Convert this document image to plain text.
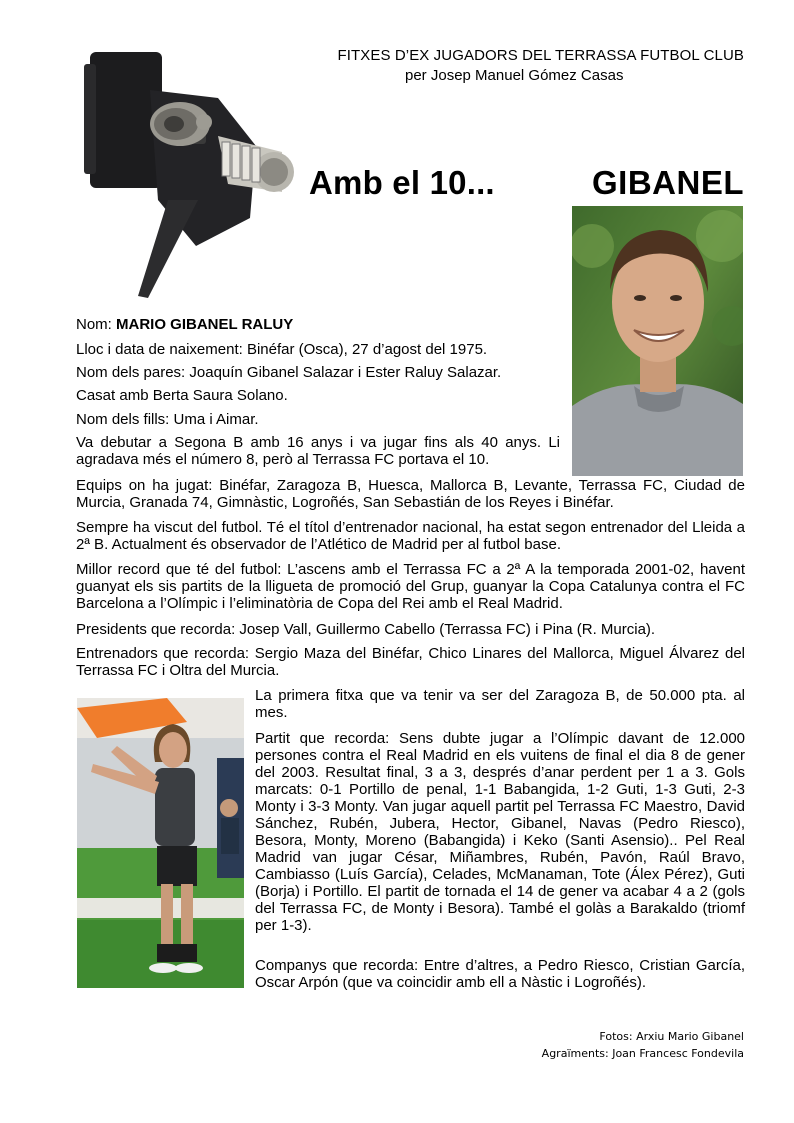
FITXES D’EX JUGADORS DEL TERRASSA FUTBOL CLUB
per Josep Manuel Gómez Casas
Amb el 10...	GIBANEL

Nom: MARIO GIBANEL RALUY

Lloc i data de naixement: Binéfar (Osca), 27 d’agost del 1975.

Nom dels pares: Joaquín Gibanel Salazar i Ester Raluy Salazar.

Casat amb Berta Saura Solano.

Nom dels fills: Uma i Aimar.

Va debutar a Segona B amb 16 anys i va jugar fins als 40 anys. Li agradava més el número 8, però al Terrassa FC portava el 10.

Equips on ha jugat: Binéfar, Zaragoza B, Huesca, Mallorca B, Levante, Terrassa FC, Ciudad de Murcia, Granada 74, Gimnàstic, Logroñés, San Sebastián de los Reyes i Binéfar.

Sempre ha viscut del futbol. Té el títol d’entrenador nacional, ha estat segon entrenador del Lleida a 2ª B. Actualment és observador de l’Atlético de Madrid per al futbol base.

Millor record que té del futbol: L’ascens amb el Terrassa FC a 2ª A la temporada 2001-02, havent guanyat els sis partits de la lligueta de promoció del Grup, guanyar la Copa Catalunya contra el FC Barcelona a l’Olímpic i l’eliminatòria de Copa del Rei amb el Real Madrid.

Presidents que recorda: Josep Vall, Guillermo Cabello (Terrassa FC) i Pina (R. Murcia).

Entrenadors que recorda: Sergio Maza del Binéfar, Chico Linares del Mallorca, Miguel Álvarez del Terrassa FC i Oltra del Murcia.

La primera fitxa que va tenir va ser del Zaragoza B, de 50.000 pta. al mes.

Partit que recorda: Sens dubte jugar a l’Olímpic davant de 12.000 persones contra el Real Madrid en els vuitens de final el dia 8 de gener del 2003. Resultat final, 3 a 3, després d’anar perdent per 1 a 3. Gols marcats: 0-1 Portillo de penal, 1-1 Babangida, 1-2 Guti, 1-3 Guti, 2-3 Monty i 3-3 Monty. Van jugar aquell partit pel Terrassa FC Maestro, David Sánchez, Rubén, Jubera, Hector, Gibanel, Navas (Pedro Riesco), Besora, Monty, Moreno (Babangida) i Keko (Santi Asensio).. Pel Real Madrid van jugar César, Miñambres, Rubén, Pavón, Raúl Bravo, Cambiasso (Luís García), Celades, McManaman, Tote (Álex Pérez), Guti (Borja) i Portillo. El partit de tornada el 14 de gener va acabar 4 a 2 (gols del Terrassa FC, de Monty i Besora). També el golàs a Barakaldo (triomf per 1-3).

Companys que recorda: Entre d’altres, a Pedro Riesco, Cristian García, Oscar Arpón (que va coincidir amb ell a Nàstic i Logroñés).

Fotos: Arxiu Mario Gibanel
Agraïments: Joan Francesc Fondevila
